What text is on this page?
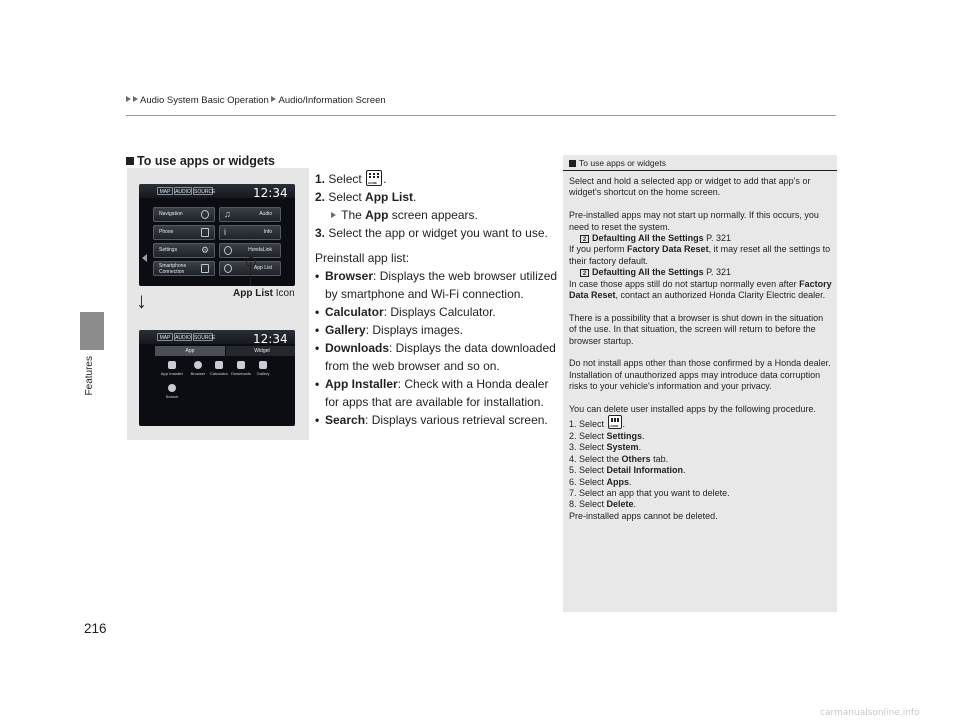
Audio System Basic Operation Audio/Information Screen
Features
216
To use apps or widgets
MAP AUDIO SOURCE	12:34
Navigation	♫	Audio
Phone	i	Info
Settings	⚙	HondaLink
Smartphone Connection
App List
MAP AUDIO SOURCE	12:34
App	Widget
App Installer	Browser	Calculator Downloads	Gallery
Search
↓	App List Icon
1. Select HOME .
2. Select App List.
The App screen appears.
3. Select the app or widget you want to use.
Preinstall app list:
• Browser: Displays the web browser utilized by smartphone and Wi-Fi connection.
• Calculator: Displays Calculator.
• Gallery: Displays images.
• Downloads: Displays the data downloaded from the web browser and so on.
• App Installer: Check with a Honda dealer for apps that are available for installation.
• Search: Displays various retrieval screen.
To use apps or widgets

Select and hold a selected app or widget to add that app's or widget's shortcut on the home screen.

Pre-installed apps may not start up normally. If this occurs, you need to reset the system.

2 Defaulting All the Settings P. 321

If you perform Factory Data Reset, it may reset all the settings to their factory default.

2 Defaulting All the Settings P. 321

In case those apps still do not startup normally even after Factory Data Reset, contact an authorized Honda Clarity Electric dealer.

There is a possibility that a browser is shut down in the situation of the use. In that situation, the screen will return to before the browser startup.

Do not install apps other than those confirmed by a Honda dealer. Installation of unauthorized apps may introduce data corruption risks to your vehicle's information and your privacy.

You can delete user installed apps by the following procedure.

1. Select HOME .

2. Select Settings.

3. Select System.

4. Select the Others tab.

5. Select Detail Information.

6. Select Apps.

7. Select an app that you want to delete.

8. Select Delete.

Pre-installed apps cannot be deleted.

carmanualsonline.info
